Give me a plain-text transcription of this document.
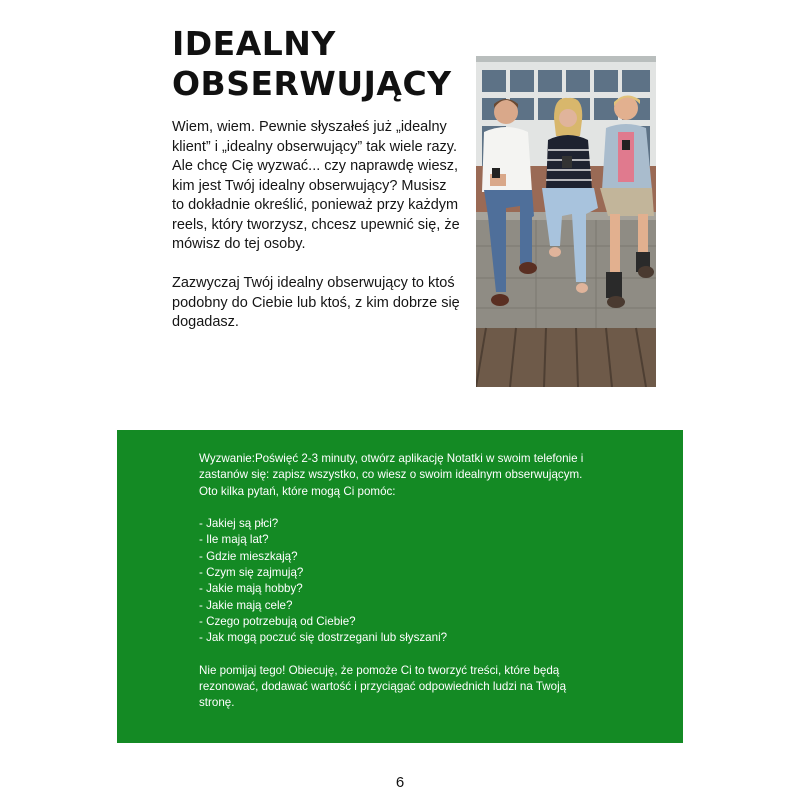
IDEALNY
OBSERWUJĄCY

Wiem, wiem. Pewnie słyszałeś już „idealny klient” i „idealny obserwujący” tak wiele razy. Ale chcę Cię wyzwać... czy naprawdę wiesz, kim jest Twój idealny obserwujący? Musisz to dokładnie określić, ponieważ przy każdym reels, który tworzysz, chcesz upewnić się, że mówisz do tej osoby.

Zazwyczaj Twój idealny obserwujący to ktoś podobny do Ciebie lub ktoś, z kim dobrze się dogadasz.

Wyzwanie:Poświęć 2-3 minuty, otwórz aplikację Notatki w swoim telefonie i zastanów się: zapisz wszystko, co wiesz o swoim idealnym obserwującym. Oto kilka pytań, które mogą Ci pomóc:

- Jakiej są płci?
- Ile mają lat?
- Gdzie mieszkają?
- Czym się zajmują?
- Jakie mają hobby?
- Jakie mają cele?
- Czego potrzebują od Ciebie?
- Jak mogą poczuć się dostrzegani lub słyszani?

Nie pomijaj tego! Obiecuję, że pomoże Ci to tworzyć treści, które będą rezonować, dodawać wartość i przyciągać odpowiednich ludzi na Twoją stronę.

6
